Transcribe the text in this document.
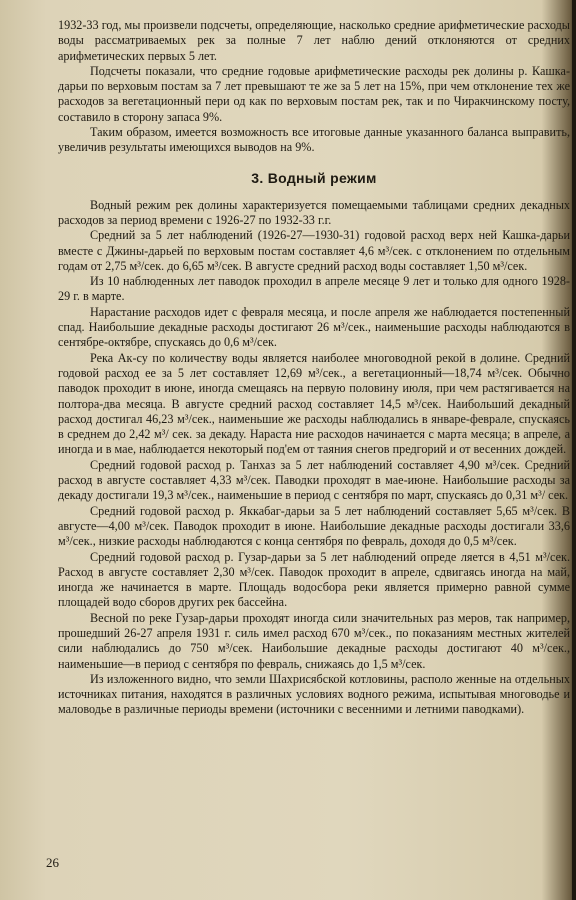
1932-33 год, мы произвели подсчеты, определяющие, насколько средние арифметические расходы воды рассматриваемых рек за полные 7 лет наблю дений отклоняются от средних арифметических первых 5 лет.

Подсчеты показали, что средние годовые арифметические расходы рек долины р. Кашка-дарьи по верховым постам за 7 лет превышают те же за 5 лет на 15%, при чем отклонение тех же расходов за вегетационный пери од как по верховым постам рек, так и по Чиракчинскому посту, составило в сторону запаса 9%.

Таким образом, имеется возможность все итоговые данные указанного баланса выправить, увеличив результаты имеющихся выводов на 9%.

3. Водный режим

Водный режим рек долины характеризуется помещаемыми таблицами средних декадных расходов за период времени с 1926-27 по 1932-33 г.г.

Средний за 5 лет наблюдений (1926-27—1930-31) годовой расход верх ней Кашка-дарьи вместе с Джины-дарьей по верховым постам составляет 4,6 м³/сек. с отклонением по отдельным годам от 2,75 м³/сек. до 6,65 м³/сек. В августе средний расход воды составляет 1,50 м³/сек.

Из 10 наблюденных лет паводок проходил в апреле месяце 9 лет и только для одного 1928-29 г. в марте.

Нарастание расходов идет с февраля месяца, и после апреля же наблюдается постепенный спад. Наибольшие декадные расходы достигают 26 м³/сек., наименьшие расходы наблюдаются в сентябре-октябре, спускаясь до 0,6 м³/сек.

Река Ак-су по количеству воды является наиболее многоводной рекой в долине. Средний годовой расход ее за 5 лет составляет 12,69 м³/сек., а вегетационный—18,74 м³/сек. Обычно паводок проходит в июне, иногда смещаясь на первую половину июля, при чем растягивается на полтора-два месяца. В августе средний расход составляет 14,5 м³/сек. Наибольший декадный расход достигал 46,23 м³/сек., наименьшие же расходы наблюдались в январе-феврале, спускаясь в среднем до 2,42 м³/ сек. за декаду. Нараста ние расходов начинается с марта месяца; в апреле, а иногда и в мае, наблюдается некоторый под'ем от таяния снегов предгорий и от весенних дождей.

Средний годовой расход р. Танхаз за 5 лет наблюдений составляет 4,90 м³/сек. Средний расход в августе составляет 4,33 м³/сек. Паводки проходят в мае-июне. Наибольшие расходы за декаду достигали 19,3 м³/сек., наименьшие в период с сентября по март, спускаясь до 0,31 м³/ сек.

Средний годовой расход р. Яккабаг-дарьи за 5 лет наблюдений составляет 5,65 м³/сек. В августе—4,00 м³/сек. Паводок проходит в июне. Наибольшие декадные расходы достигали 33,6 м³/сек., низкие расходы наблюдаются с конца сентября по февраль, доходя до 0,5 м³/сек.

Средний годовой расход р. Гузар-дарьи за 5 лет наблюдений опреде ляется в 4,51 м³/сек. Расход в августе составляет 2,30 м³/сек. Паводок проходит в апреле, сдвигаясь иногда на май, иногда же начинается в марте. Площадь водосбора реки является примерно равной сумме площадей водо сборов других рек бассейна.

Весной по реке Гузар-дарьи проходят иногда сили значительных раз меров, так например, прошедший 26-27 апреля 1931 г. силь имел расход 670 м³/сек., по показаниям местных жителей сили наблюдались до 750 м³/сек. Наибольшие декадные расходы достигают 40 м³/сек., наименьшие—в период с сентября по февраль, снижаясь до 1,5 м³/сек.

Из изложенного видно, что земли Шахрисябской котловины, располо женные на отдельных источниках питания, находятся в различных условиях водного режима, испытывая многоводье и маловодье в различные периоды времени (источники с весенними и летними паводками).

26
